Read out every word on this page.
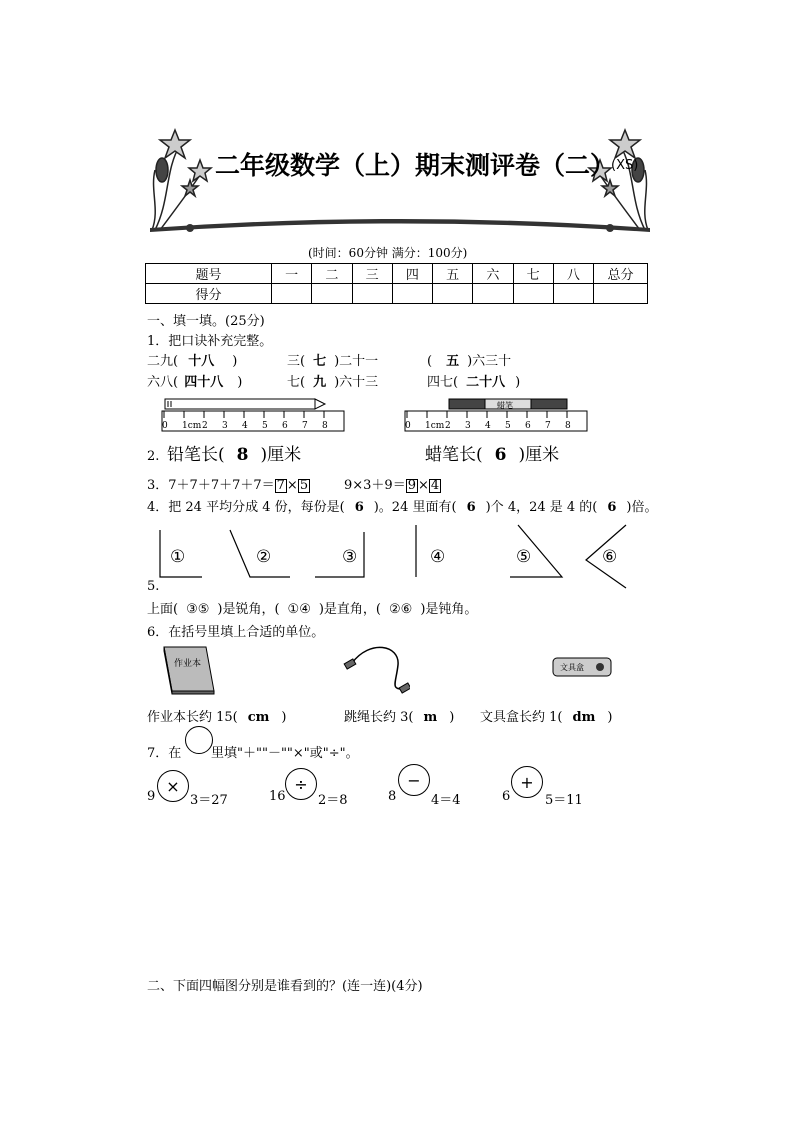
二年级数学（上）期末测评卷（二）
(XS)
(时间：60分钟 满分：100分)
题号	一	二	三	四	五	六	七	八	总分
得分									
一、填一填。(25分)
1．把口诀补充完整。
二九( 十八 )	三( 七 )二十一	( 五 )六三十
六八( 四十八 )	七( 九 )六十三	四七( 二十八 )
0 1cm 2 3 4 5 6 7 8
蜡笔
0 1cm 2 3 4 5 6 7 8
2. 铅笔长( 8 )厘米	蜡笔长( 6 )厘米
3．7＋7＋7＋7＋7＝ 7 × 5	9×3＋9＝ 9 × 4
4．把 24 平均分成 4 份，每份是( 6 )。24 里面有( 6 )个 4，24 是 4 的( 6 )倍。
①	②	③	④	⑤	⑥
5.
上面( ③⑤ )是锐角，( ①④ )是直角，( ②⑥ )是钝角。
6．在括号里填上合适的单位。
作业本	文具盒
作业本长约 15( cm )	跳绳长约 3( m ) 文具盒长约 1( dm )
7．在 里填"＋""－""×"或"÷"。
9
×
3＝27	16
÷
2＝8	8
−
4＝4	6
+
5＝11
二、下面四幅图分别是谁看到的？(连一连)(4分)
